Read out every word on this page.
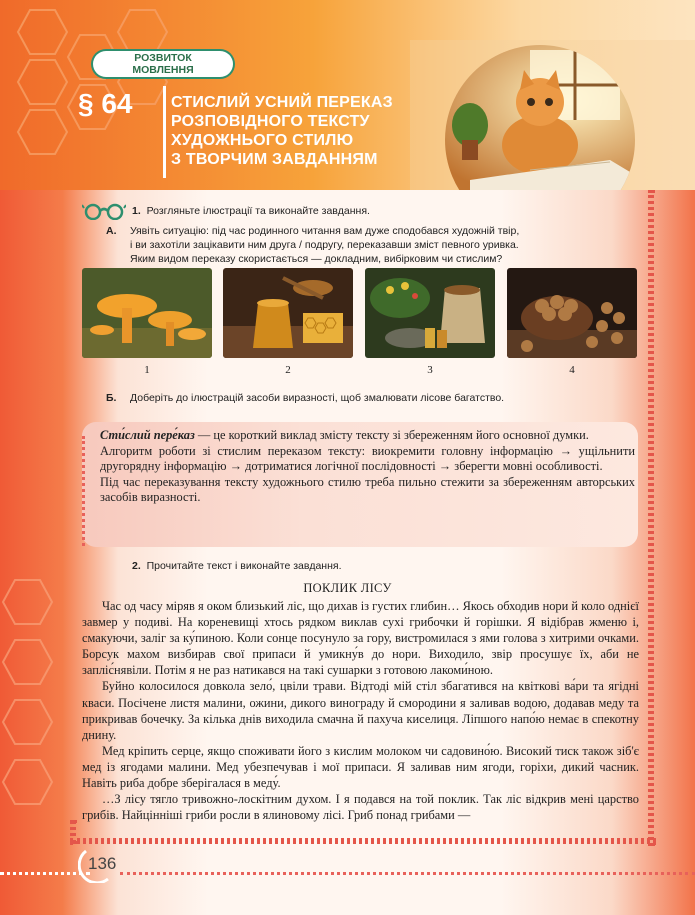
РОЗВИТОК
МОВЛЕННЯ
§ 64 СТИСЛИЙ УСНИЙ ПЕРЕКАЗ
РОЗПОВІДНОГО ТЕКСТУ
ХУДОЖНЬОГО СТИЛЮ
З ТВОРЧИМ ЗАВДАННЯМ
1. Розгляньте ілюстрації та виконайте завдання.
А. Уявіть ситуацію: під час родинного читання вам дуже сподобався художній твір,
і ви захотіли зацікавити ним друга / подругу, переказавши зміст певного уривка.
Яким видом переказу скористається — докладним, вибірковим чи стислим?
1	2	3	4
Б. Доберіть до ілюстрацій засоби виразності, щоб змалювати лісове багатство.
Сти́слий пере́каз — це короткий виклад змісту тексту зі збереженням його основної думки.
Алгоритм роботи зі стислим переказом тексту: виокремити головну інформацію → ущільнити другорядну інформацію → дотриматися логічної послідовності → зберегти мовні особливості.
Під час переказування тексту художнього стилю треба пильно стежити за збереженням авторських засобів виразності.
2. Прочитайте текст і виконайте завдання.
ПОКЛИК ЛІСУ

Час од часу міряв я оком близький ліс, що дихав із густих глибин… Якось обходив нори й коло однієї завмер у подиві. На кореневищі хтось рядком виклав сухі грибочки й горішки. Я відібрав жменю і, смакуючи, заліг за ку́пиною. Коли сонце посунуло за гору, вистромилася з ями голова з хитрими очками. Борсук махом визбирав свої припаси й умикну́в до нори. Виходило, звір просушує їх, аби не запліс́нявіли. Потім я не раз натикався на такі сушарки з готовою лакоми́ною.

Буйно колосилося довкола зело́, цвіли трави. Відтоді мій стіл збагатився на квіткові ва́ри та ягідні кваси. Посічене листя малини, ожини, дикого винограду й смородини я заливав водою, додавав меду та прикривав бочечку. За кілька днів виходила смачна й пахуча киселиця. Ліпшого напо́ю немає в спекотну днину.

Мед кріпить серце, якщо споживати його з кислим молоком чи садовино́ю. Високий тиск також зіб'є мед із ягодами малини. Мед убезпечував і мої припаси. Я заливав ним ягоди, горіхи, дикий часник. Навіть риба добре зберігалася в меду́.

…З лісу тягло тривожно-лоскітним духом. І я подався на той поклик. Так ліс відкрив мені царство грибів. Найцінніші гриби росли в ялиновому лісі. Гриб понад грибами —

136
